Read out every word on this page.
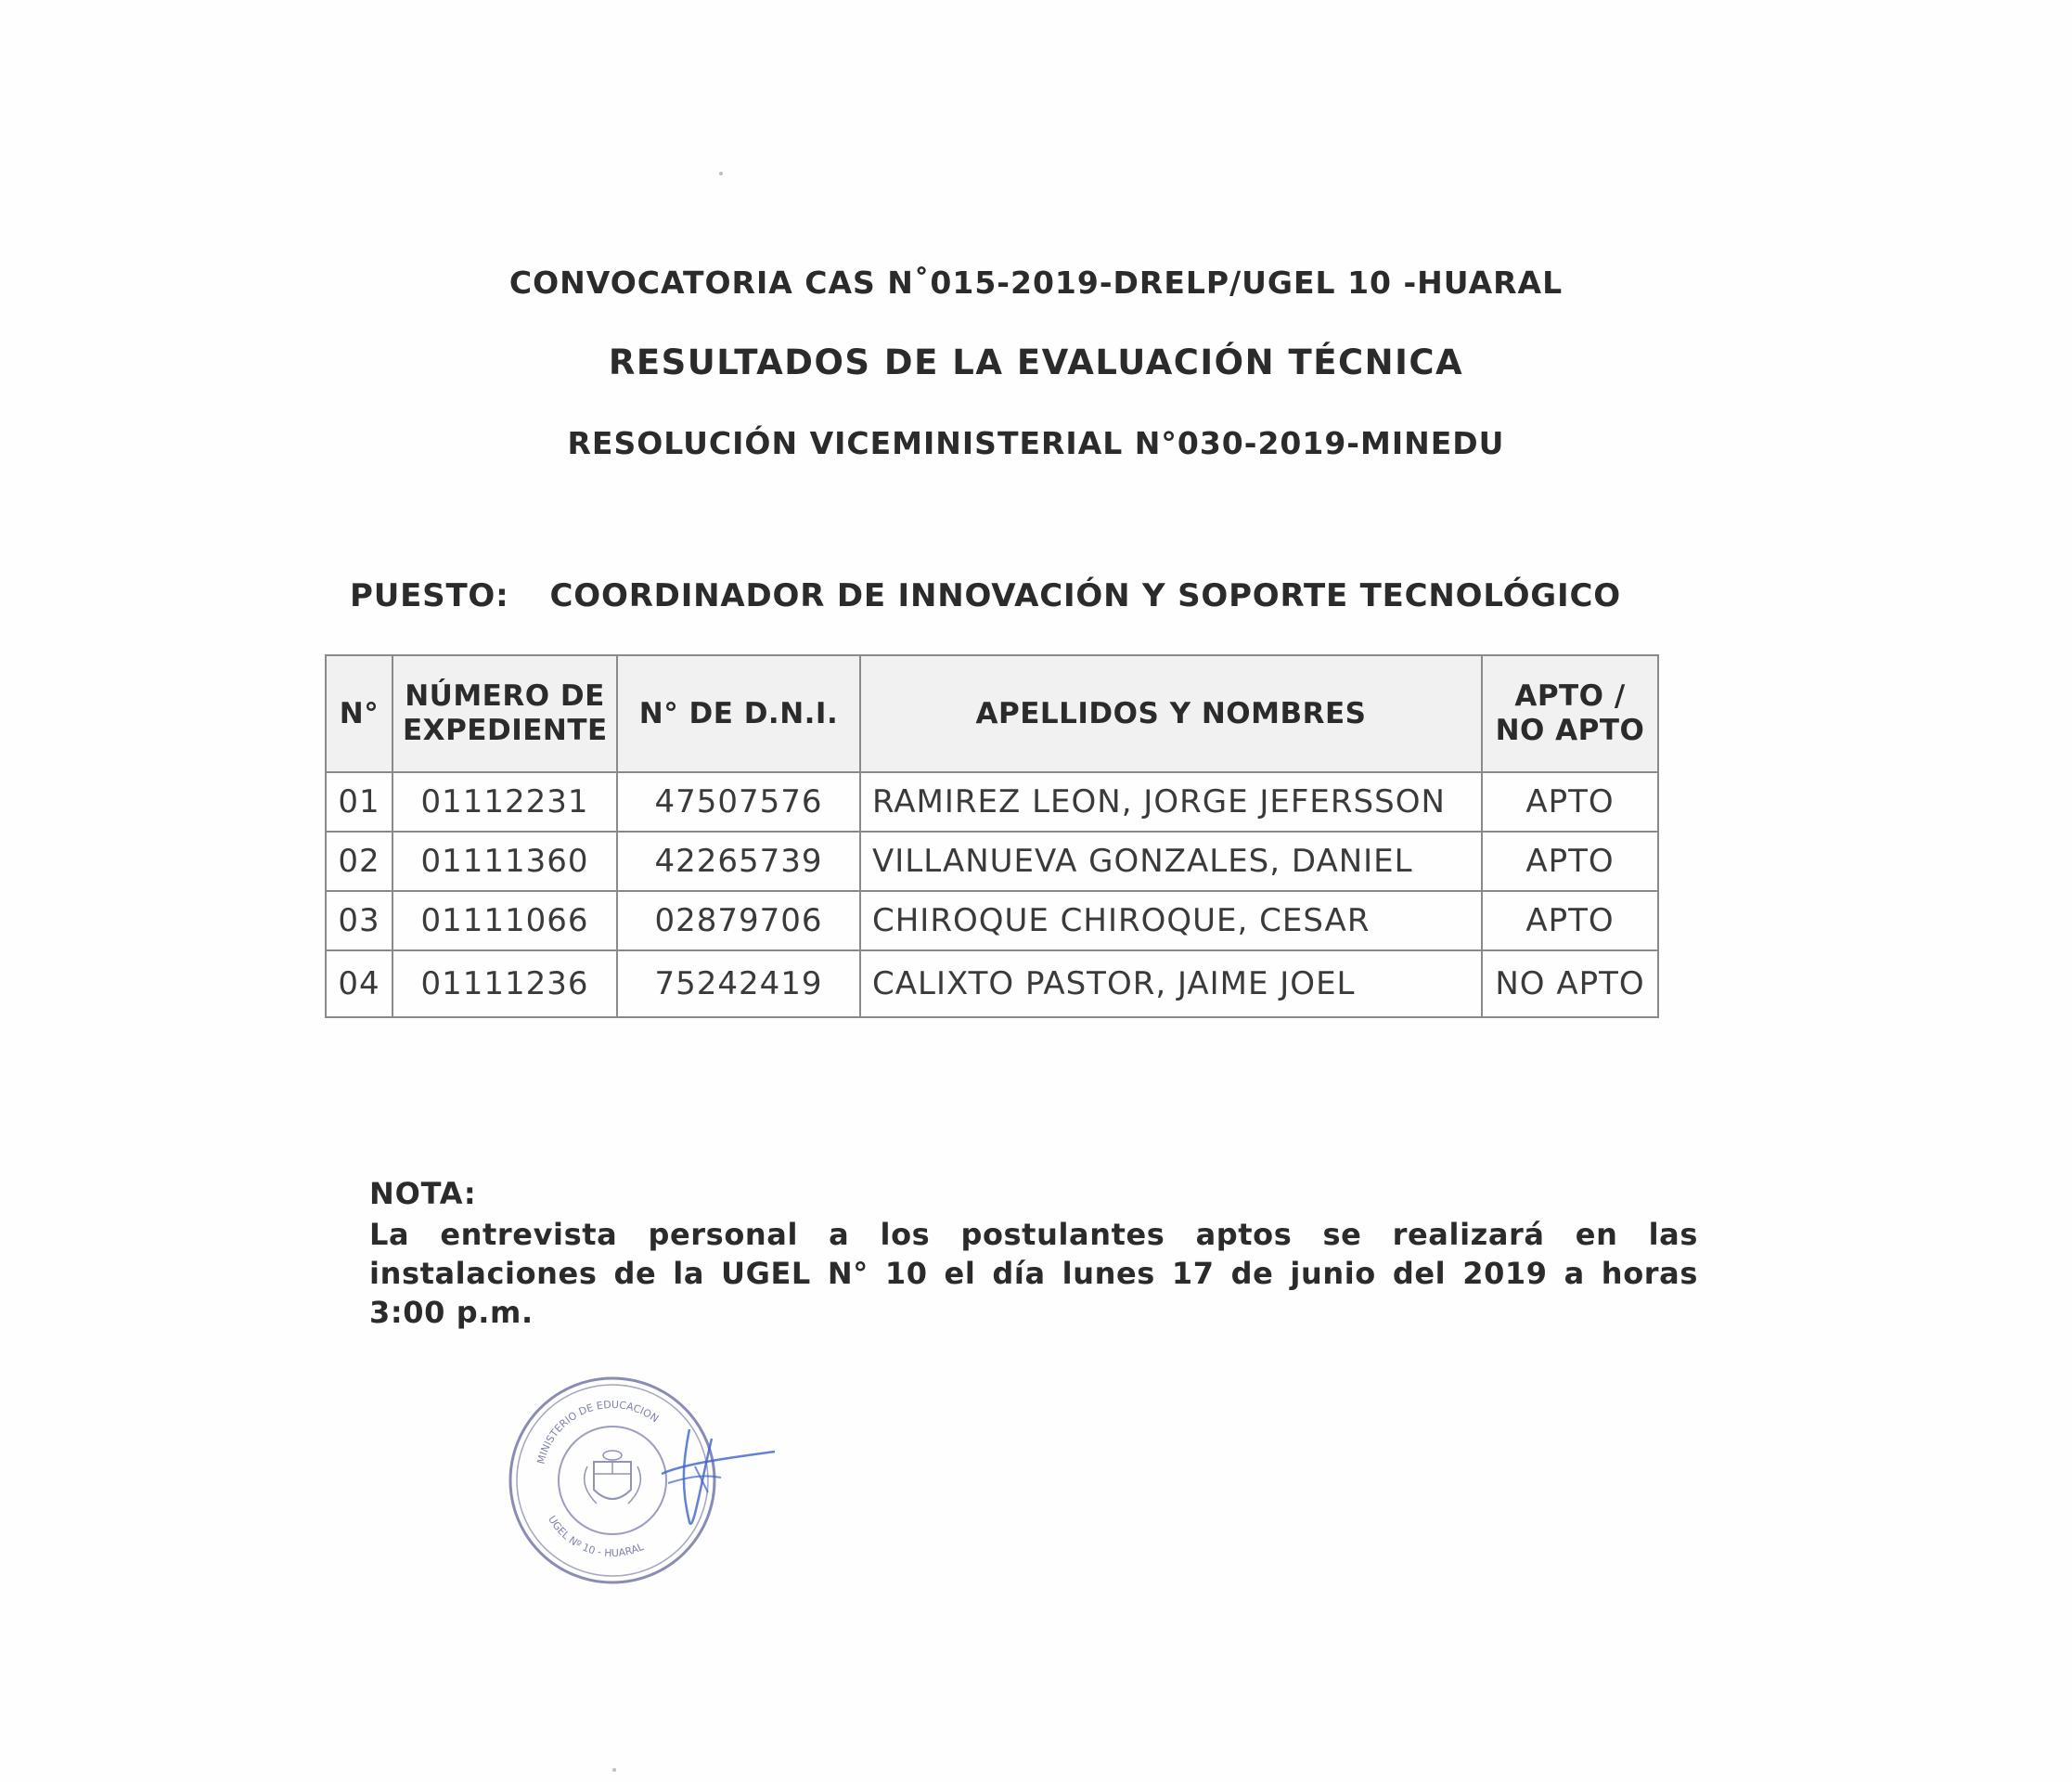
CONVOCATORIA CAS N˚015-2019-DRELP/UGEL 10 -HUARAL
RESULTADOS DE LA EVALUACIÓN TÉCNICA
RESOLUCIÓN VICEMINISTERIAL N°030-2019-MINEDU
PUESTO: COORDINADOR DE INNOVACIÓN Y SOPORTE TECNOLÓGICO
N°	NÚMERO DE EXPEDIENTE	N° DE D.N.I.	APELLIDOS Y NOMBRES	APTO / NO APTO
01	01112231	47507576	RAMIREZ LEON, JORGE JEFERSSON	APTO
02	01111360	42265739	VILLANUEVA GONZALES, DANIEL	APTO
03	01111066	02879706	CHIROQUE CHIROQUE, CESAR	APTO
04	01111236	75242419	CALIXTO PASTOR, JAIME JOEL	NO APTO
NOTA:
La entrevista personal a los postulantes aptos se realizará en las instalaciones de la UGEL N° 10 el día lunes 17 de junio del 2019 a horas 3:00 p.m.
MINISTERIO DE EDUCACION
UGEL Nº 10 - HUARAL
